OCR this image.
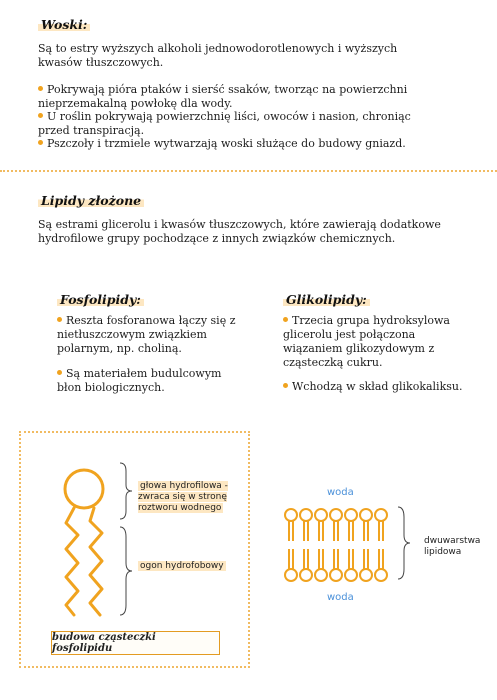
Woski:
Są to estry wyższych alkoholi jednowodorotlenowych i wyższych kwasów tłuszczowych.
Pokrywają pióra ptaków i sierść ssaków, tworząc na powierzchni nieprzemakalną powłokę dla wody.
U roślin pokrywają powierzchnię liści, owoców i nasion, chroniąc przed transpiracją.
Pszczoły i trzmiele wytwarzają woski służące do budowy gniazd.
Lipidy złożone
Są estrami glicerolu i kwasów tłuszczowych, które zawierają dodatkowe hydrofilowe grupy pochodzące z innych związków chemicznych.
Fosfolipidy:
Reszta fosforanowa łączy się z nietłuszczowym związkiem polarnym, np. choliną.
Są materiałem budulcowym błon biologicznych.
Glikolipidy:
Trzecia grupa hydroksylowa glicerolu jest połączona wiązaniem glikozydowym z cząsteczką cukru.
Wchodzą w skład glikokaliksu.
głowa hydrofilowa - zwraca się w stronę roztworu wodnego
ogon hydrofobowy
budowa cząsteczki fosfolipidu
woda
woda
dwuwarstwa lipidowa
